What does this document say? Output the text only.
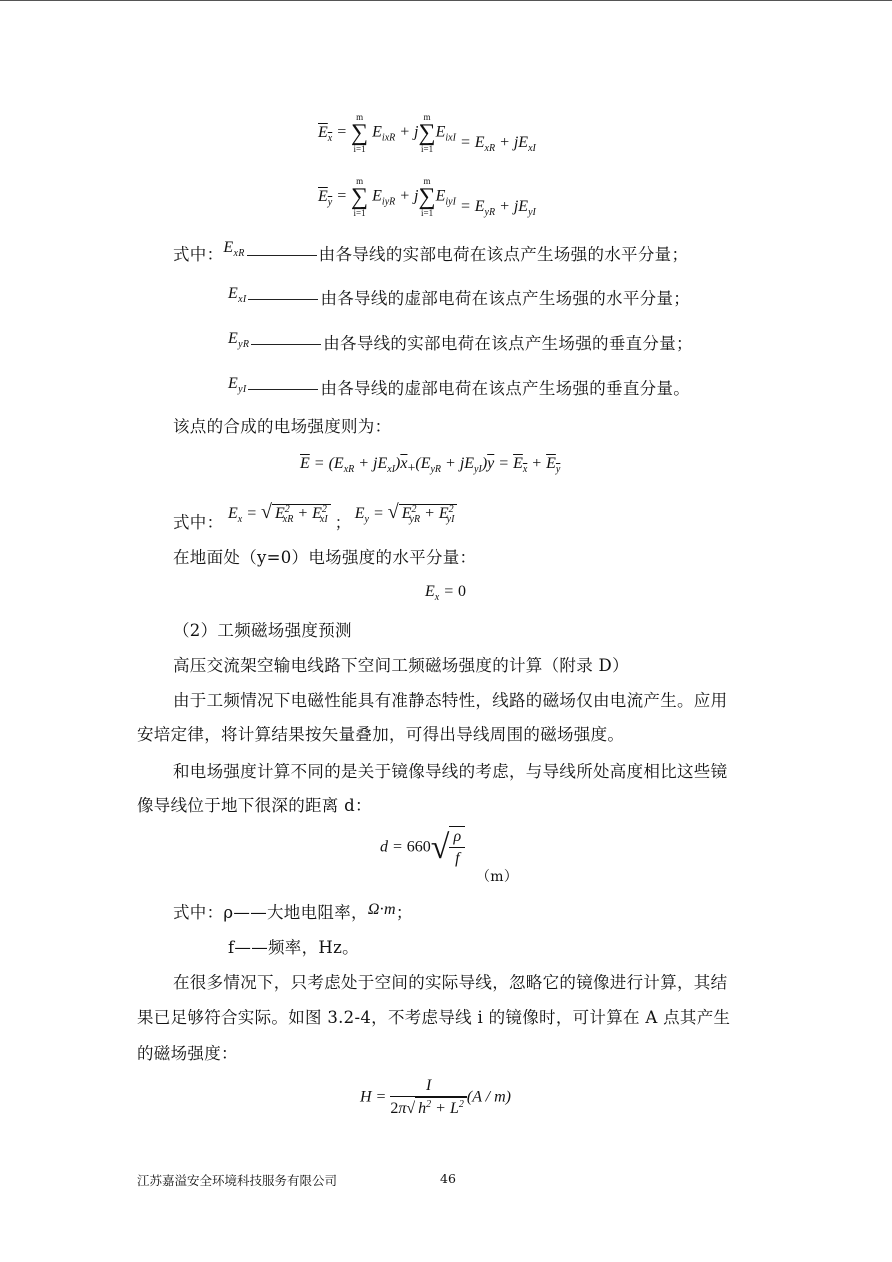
$E_x$ =
m
∑
i=1
$E_{ixR} + j$
m
∑
i=1
$E_{ixI} = E_{xR} + jE_{xI}$
$E_y$ =
m
∑
i=1
$E_{iyR} + j$
m
∑
i=1
$E_{iyI} = E_{yR} + jE_{yI}$
式中：$E_{xR}$	由各导线的实部电荷在该点产生场强的水平分量；
$E_{xI}$	由各导线的虚部电荷在该点产生场强的水平分量；
$E_{yR}$	由各导线的实部电荷在该点产生场强的垂直分量；
$E_{yI}$	由各导线的虚部电荷在该点产生场强的垂直分量。
该点的合成的电场强度则为：
$\overline{E} = (E_{xR} + jE_{xI})\overline{x}_+(E_{yR} + jE_{yI})\overline{y} = E_x + E_y$
式中： $E_x$ = √ $E^2_{xR} + E^2_{xI}$ ； $E_y$ = √ $E^2_{yR} + E^2_{yI}$
在地面处（y=0）电场强度的水平分量：
$E_x = 0$
（2）工频磁场强度预测
高压交流架空输电线路下空间工频磁场强度的计算（附录 D）
由于工频情况下电磁性能具有准静态特性，线路的磁场仅由电流产生。应用
安培定律，将计算结果按矢量叠加，可得出导线周围的磁场强度。
和电场强度计算不同的是关于镜像导线的考虑，与导线所处高度相比这些镜
像导线位于地下很深的距离 d：
$d = 660√ \frac{\rho}{f}$
（m）
式中：ρ——大地电阻率，Ω·m；
f——频率，Hz。
在很多情况下，只考虑处于空间的实际导线，忽略它的镜像进行计算，其结
果已足够符合实际。如图 3.2-4，不考虑导线 i 的镜像时，可计算在 A 点其产生
的磁场强度：
$H = \frac{I}{2\pi√ h^2 + L^2} (A / m)$
江苏嘉溢安全环境科技服务有限公司	46
